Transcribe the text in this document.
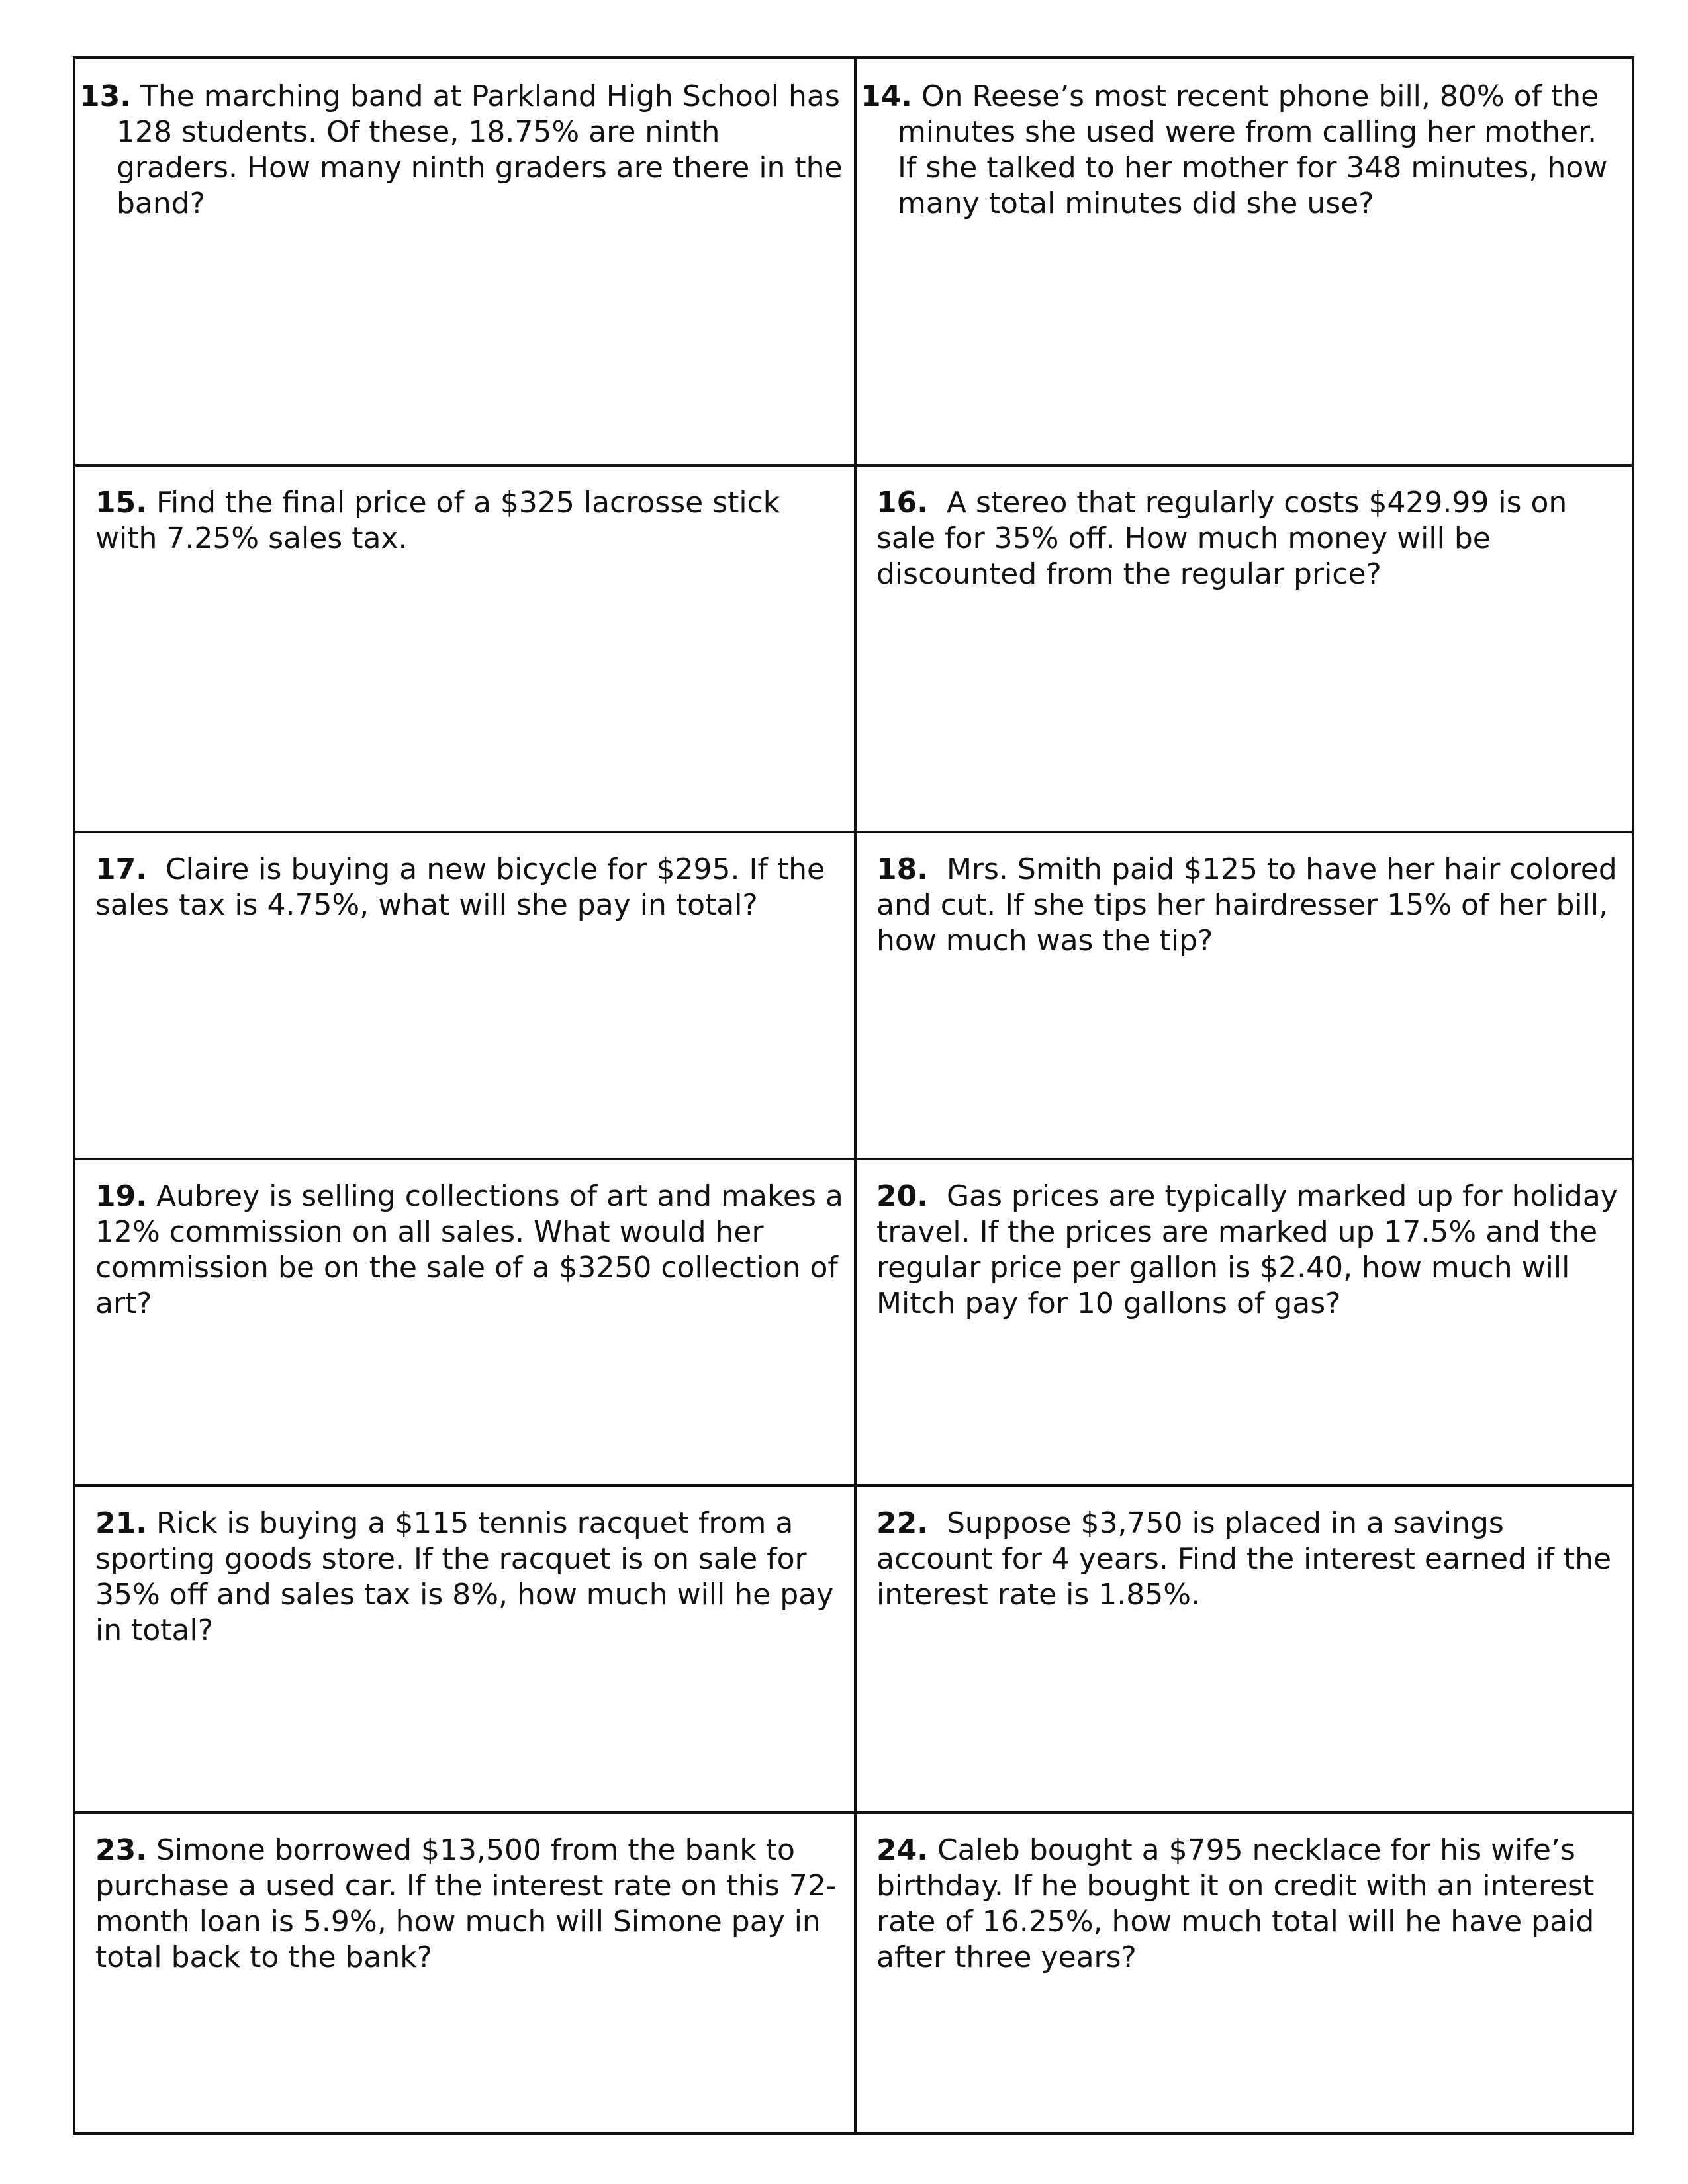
13. The marching band at Parkland High School has 128 students. Of these, 18.75% are ninth graders. How many ninth graders are there in the band?

14. On Reese’s most recent phone bill, 80% of the minutes she used were from calling her mother. If she talked to her mother for 348 minutes, how many total minutes did she use?

15. Find the final price of a $325 lacrosse stick with 7.25% sales tax.

16. A stereo that regularly costs $429.99 is on sale for 35% off. How much money will be discounted from the regular price?

17. Claire is buying a new bicycle for $295. If the sales tax is 4.75%, what will she pay in total?

18. Mrs. Smith paid $125 to have her hair colored and cut. If she tips her hairdresser 15% of her bill, how much was the tip?

19. Aubrey is selling collections of art and makes a 12% commission on all sales. What would her commission be on the sale of a $3250 collection of art?

20. Gas prices are typically marked up for holiday travel. If the prices are marked up 17.5% and the regular price per gallon is $2.40, how much will Mitch pay for 10 gallons of gas?

21. Rick is buying a $115 tennis racquet from a sporting goods store. If the racquet is on sale for 35% off and sales tax is 8%, how much will he pay in total?

22. Suppose $3,750 is placed in a savings account for 4 years. Find the interest earned if the interest rate is 1.85%.

23. Simone borrowed $13,500 from the bank to purchase a used car. If the interest rate on this 72-month loan is 5.9%, how much will Simone pay in total back to the bank?

24. Caleb bought a $795 necklace for his wife’s birthday. If he bought it on credit with an interest rate of 16.25%, how much total will he have paid after three years?
